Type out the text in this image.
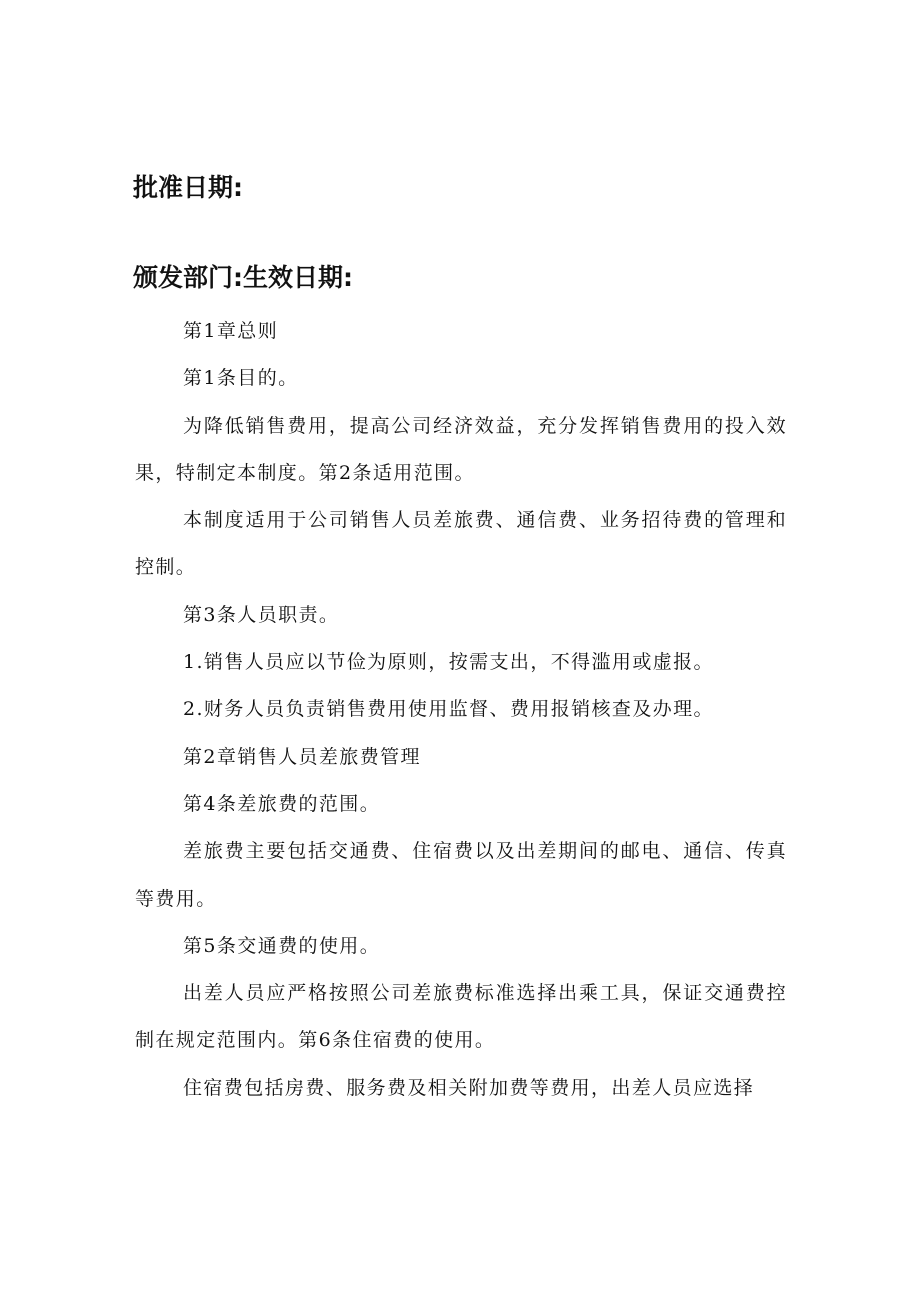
批准日期:
颁发部门:生效日期:

第1章总则

第1条目的。

为降低销售费用，提高公司经济效益，充分发挥销售费用的投入效果，特制定本制度。第2条适用范围。

本制度适用于公司销售人员差旅费、通信费、业务招待费的管理和控制。

第3条人员职责。

1.销售人员应以节俭为原则，按需支出，不得滥用或虚报。

2.财务人员负责销售费用使用监督、费用报销核查及办理。

第2章销售人员差旅费管理

第4条差旅费的范围。

差旅费主要包括交通费、住宿费以及出差期间的邮电、通信、传真等费用。

第5条交通费的使用。

出差人员应严格按照公司差旅费标准选择出乘工具，保证交通费控制在规定范围内。第6条住宿费的使用。

住宿费包括房费、服务费及相关附加费等费用，出差人员应选择
